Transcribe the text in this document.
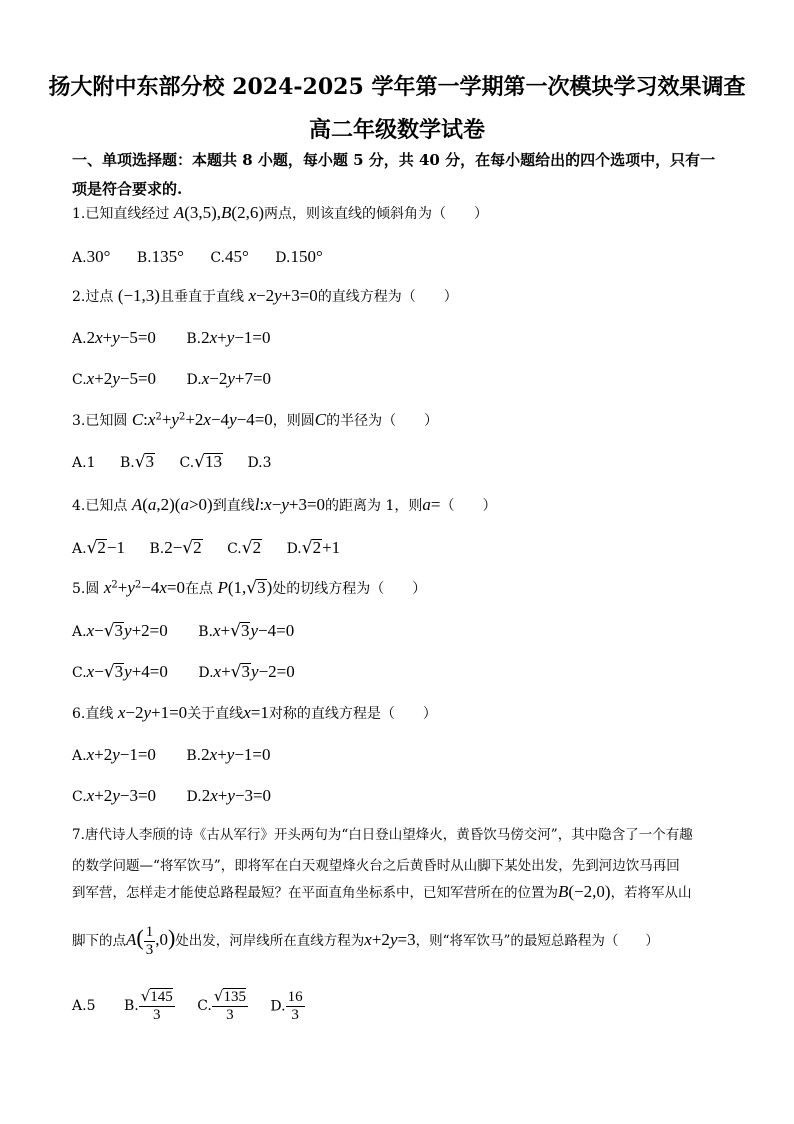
扬大附中东部分校 2024-2025 学年第一学期第一次模块学习效果调查
高二年级数学试卷
一、单项选择题：本题共 8 小题，每小题 5 分，共 40 分，在每小题给出的四个选项中，只有一
项是符合要求的.
1.已知直线经过 A(3,5),B(2,6)两点，则该直线的倾斜角为（　　）
A.30° B.135° C.45° D.150°
2.过点 (−1,3)且垂直于直线 x−2y+3=0的直线方程为（　　）
A.2x+y−5=0 B.2x+y−1=0
C.x+2y−5=0 D.x−2y+7=0
3.已知圆 $C:x^2+y^2+2x-4y-4=0$，则圆C的半径为（　　）
A.1 B.√3 C.√13 D.3
4.已知点 A(a,2)(a>0)到直线l:x−y+3=0的距离为 1，则a=（　　）
A.√2−1 B.2−√2 C.√2 D.√2+1
5.圆 $x^2+y^2-4x=0$在点 P(1,√3)处的切线方程为（　　）
A.x−√3y+2=0 B.x+√3y−4=0
C.x−√3y+4=0 D.x+√3y−2=0
6.直线 x−2y+1=0关于直线x=1对称的直线方程是（　　）
A.x+2y−1=0 B.2x+y−1=0
C.x+2y−3=0 D.2x+y−3=0
7.唐代诗人李颀的诗《古从军行》开头两句为“白日登山望烽火，黄昏饮马傍交河”，其中隐含了一个有趣
的数学问题—“将军饮马”，即将军在白天观望烽火台之后黄昏时从山脚下某处出发，先到河边饮马再回
到军营，怎样走才能使总路程最短？在平面直角坐标系中，已知军营所在的位置为B(−2,0)，若将军从山
脚下的点$A( \frac{1}{3} ,0)$处出发，河岸线所在直线方程为x+2y=3，则“将军饮马”的最短总路程为（　　）
A.5 B. $\frac{√145}{3} C$. $\frac{√135}{3} D$. $\frac{16}{3}$
